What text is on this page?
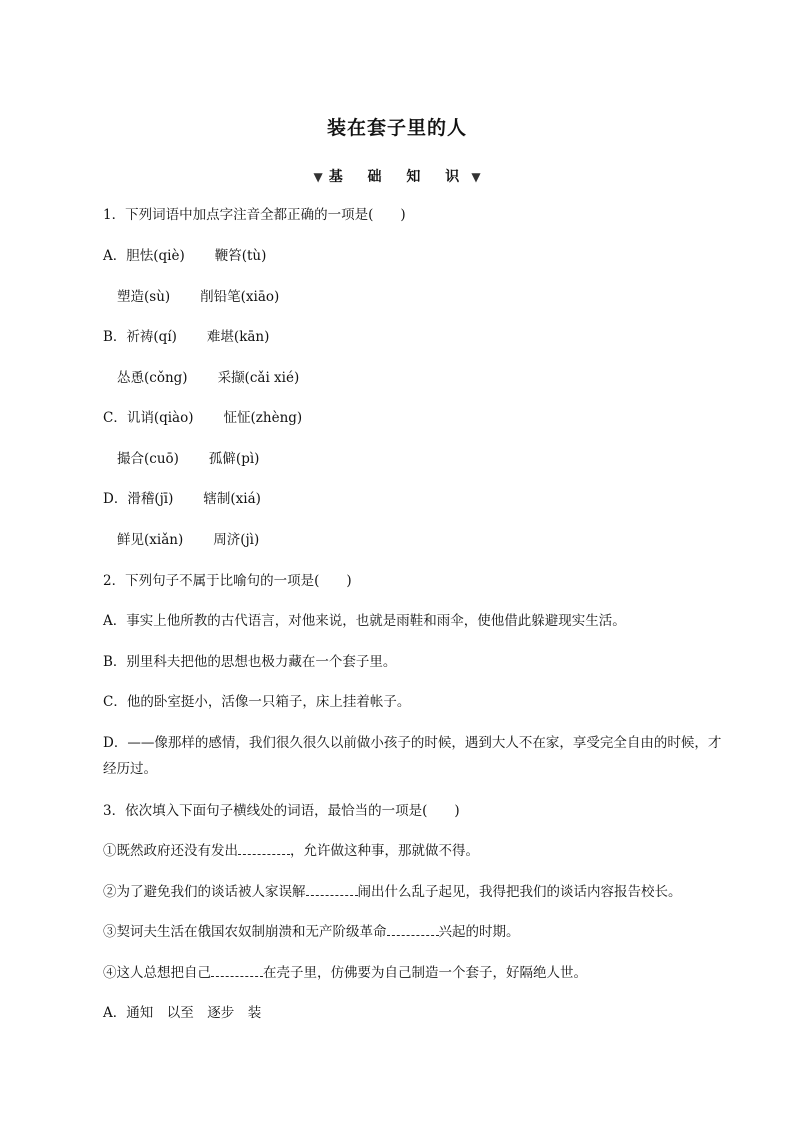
装在套子里的人
▼ 基 础 知 识 ▼
1．下列词语中加点字注音全都正确的一项是(　　)
A．胆怯(qiè) 鞭笞(tù)
塑造(sù) 削铅笔(xiāo)
B．祈祷(qí) 难堪(kān)
怂恿(cǒng) 采撷(cǎi xié)
C．讥诮(qiào) 怔怔(zhèng)
撮合(cuō) 孤僻(pì)
D．滑稽(jī) 辖制(xiá)
鲜见(xiǎn) 周济(jì)
2．下列句子不属于比喻句的一项是(　　)
A．事实上他所教的古代语言，对他来说，也就是雨鞋和雨伞，使他借此躲避现实生活。
B．别里科夫把他的思想也极力藏在一个套子里。
C．他的卧室挺小，活像一只箱子，床上挂着帐子。
D．——像那样的感情，我们很久很久以前做小孩子的时候，遇到大人不在家，享受完全自由的时候，才经历过。
3．依次填入下面句子横线处的词语，最恰当的一项是(　　)
①既然政府还没有发出	，允许做这种事，那就做不得。
②为了避免我们的谈话被人家误解	闹出什么乱子起见，我得把我们的谈话内容报告校长。
③契诃夫生活在俄国农奴制崩溃和无产阶级革命	兴起的时期。
④这人总想把自己	在壳子里，仿佛要为自己制造一个套子，好隔绝人世。
A．通知　以至　逐步　装
